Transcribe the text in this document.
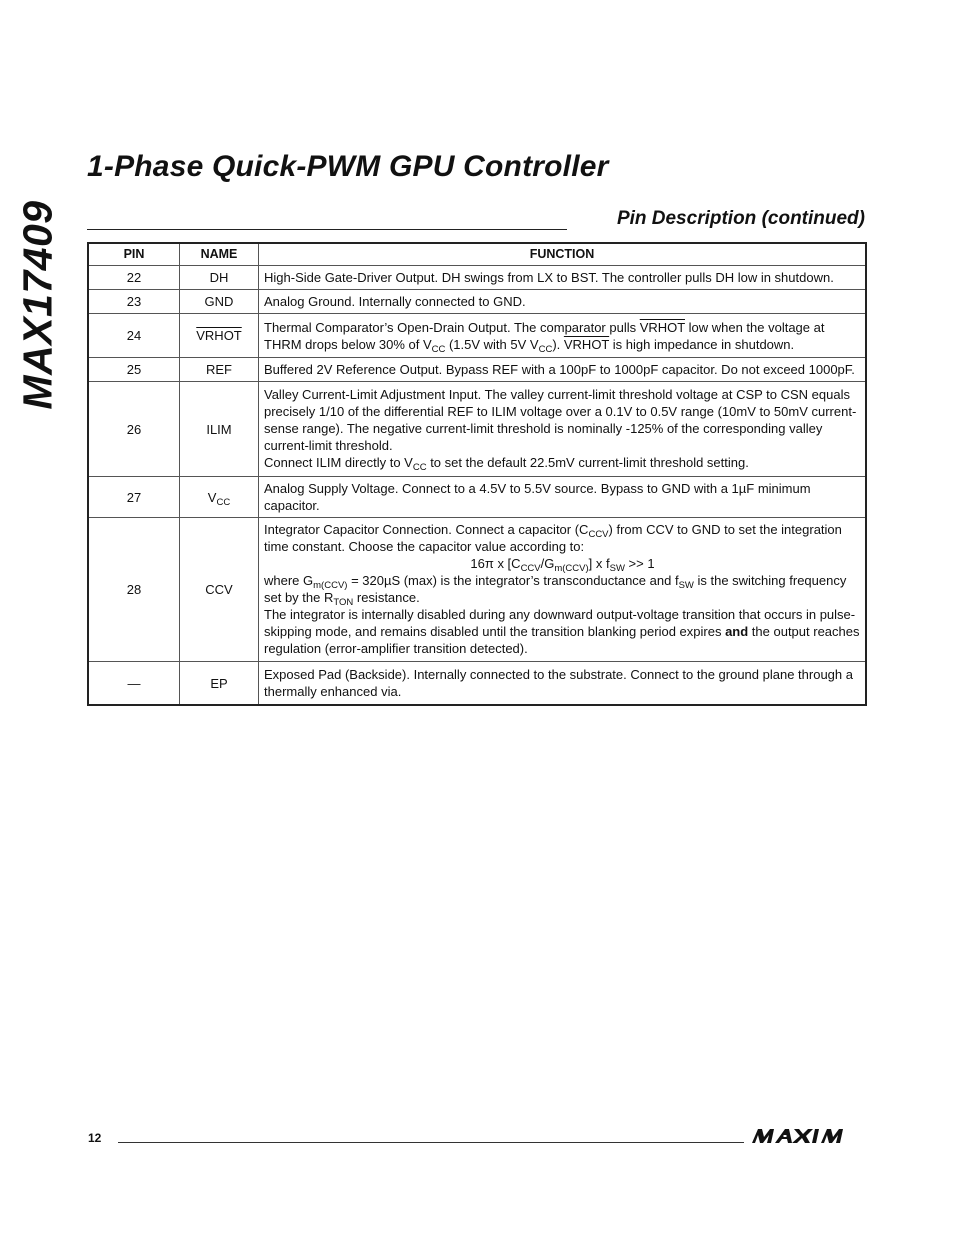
MAX17409
1-Phase Quick-PWM GPU Controller
Pin Description (continued)
PIN	NAME	FUNCTION
22	DH	High-Side Gate-Driver Output. DH swings from LX to BST. The controller pulls DH low in shutdown.
23	GND	Analog Ground. Internally connected to GND.
24	VRHOT	Thermal Comparator’s Open-Drain Output. The comparator pulls VRHOT low when the voltage at THRM drops below 30% of $V_{CC}$ (1.5V with 5V $V_{CC}$). VRHOT is high impedance in shutdown.
25	REF	Buffered 2V Reference Output. Bypass REF with a 100pF to 1000pF capacitor. Do not exceed 1000pF.
26	ILIM	Valley Current-Limit Adjustment Input. The valley current-limit threshold voltage at CSP to CSN equals precisely 1/10 of the differential REF to ILIM voltage over a 0.1V to 0.5V range (10mV to 50mV current-sense range). The negative current-limit threshold is nominally -125% of the corresponding valley current-limit threshold.
Connect ILIM directly to $V_{CC}$ to set the default 22.5mV current-limit threshold setting.

27	$V_{CC}$	Analog Supply Voltage. Connect to a 4.5V to 5.5V source. Bypass to GND with a 1µF minimum capacitor.
28	CCV	Integrator Capacitor Connection. Connect a capacitor $(C_{CCV})$ from CCV to GND to set the integration time constant. Choose the capacitor value according to:
16π x $[C_{CCV}/G_{m(CCV)}]$ x $f_{SW} >> 1$
where $G_{m(CCV)} = 320\mu S$ (max) is the integrator’s transconductance and $f_{SW}$ is the switching frequency set by the $R_{TON}$ resistance.
The integrator is internally disabled during any downward output-voltage transition that occurs in pulse-skipping mode, and remains disabled until the transition blanking period expires and the output reaches regulation (error-amplifier transition detected).

—	EP	Exposed Pad (Backside). Internally connected to the substrate. Connect to the ground plane through a thermally enhanced via.
12
